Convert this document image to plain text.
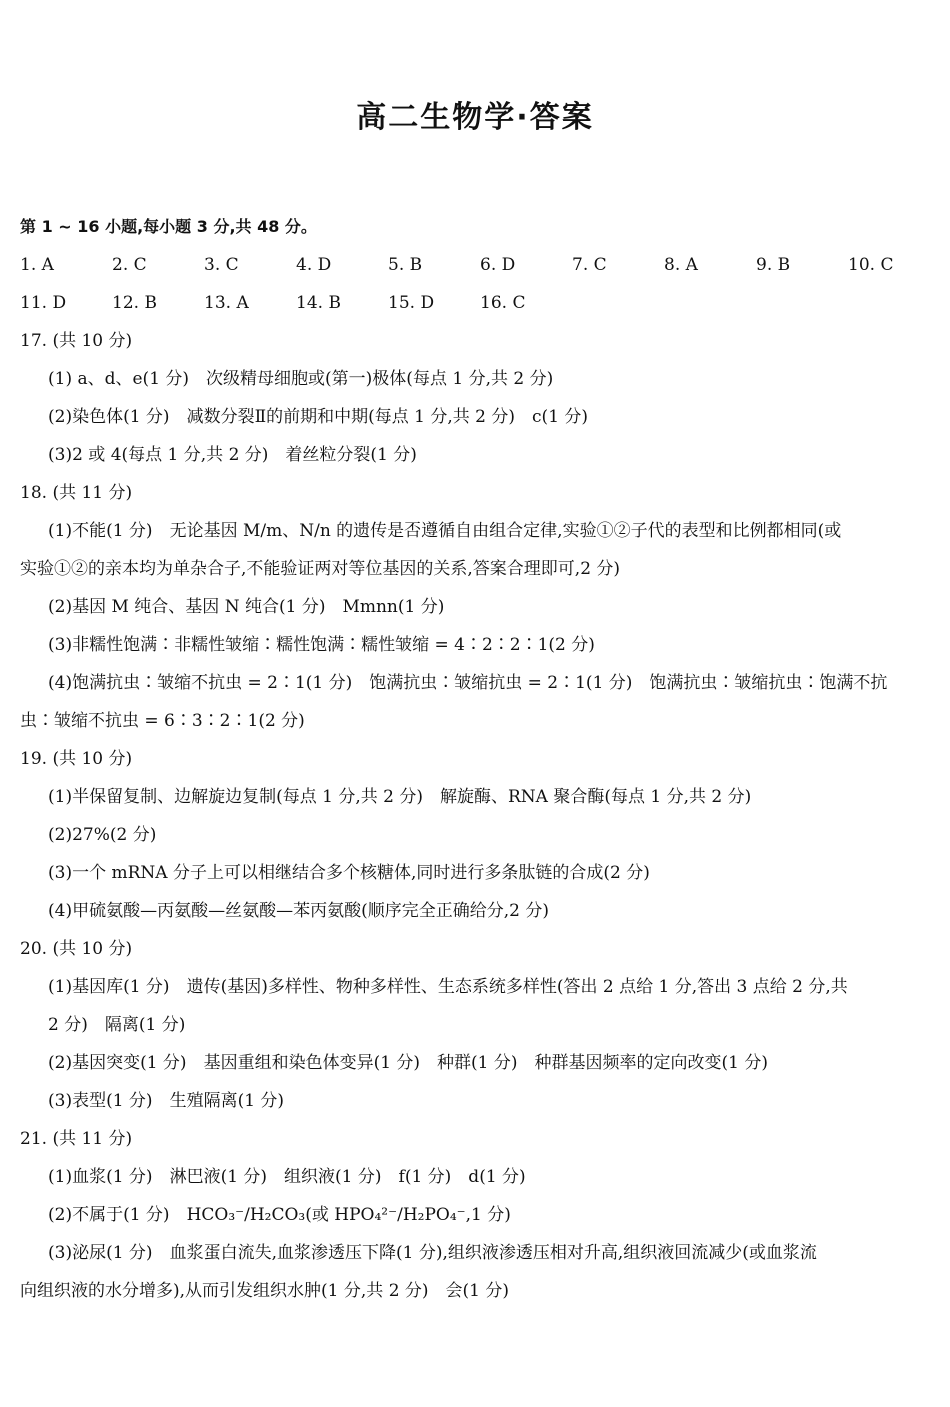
高二生物学·答案
第 1 ~ 16 小题,每小题 3 分,共 48 分。
1. A	2. C	3. C	4. D	5. B	6. D	7. C	8. A	9. B	10. C
11. D	12. B	13. A	14. B	15. D	16. C
17. (共 10 分)
(1) a、d、e(1 分)　次级精母细胞或(第一)极体(每点 1 分,共 2 分)
(2)染色体(1 分)　减数分裂Ⅱ的前期和中期(每点 1 分,共 2 分)　c(1 分)
(3)2 或 4(每点 1 分,共 2 分)　着丝粒分裂(1 分)
18. (共 11 分)
(1)不能(1 分)　无论基因 M/m、N/n 的遗传是否遵循自由组合定律,实验①②子代的表型和比例都相同(或
实验①②的亲本均为单杂合子,不能验证两对等位基因的关系,答案合理即可,2 分)
(2)基因 M 纯合、基因 N 纯合(1 分)　Mmnn(1 分)
(3)非糯性饱满∶非糯性皱缩∶糯性饱满∶糯性皱缩 = 4∶2∶2∶1(2 分)
(4)饱满抗虫∶皱缩不抗虫 = 2∶1(1 分)　饱满抗虫∶皱缩抗虫 = 2∶1(1 分)　饱满抗虫∶皱缩抗虫∶饱满不抗
虫∶皱缩不抗虫 = 6∶3∶2∶1(2 分)
19. (共 10 分)
(1)半保留复制、边解旋边复制(每点 1 分,共 2 分)　解旋酶、RNA 聚合酶(每点 1 分,共 2 分)
(2)27%(2 分)
(3)一个 mRNA 分子上可以相继结合多个核糖体,同时进行多条肽链的合成(2 分)
(4)甲硫氨酸—丙氨酸—丝氨酸—苯丙氨酸(顺序完全正确给分,2 分)
20. (共 10 分)
(1)基因库(1 分)　遗传(基因)多样性、物种多样性、生态系统多样性(答出 2 点给 1 分,答出 3 点给 2 分,共
2 分)　隔离(1 分)
(2)基因突变(1 分)　基因重组和染色体变异(1 分)　种群(1 分)　种群基因频率的定向改变(1 分)
(3)表型(1 分)　生殖隔离(1 分)
21. (共 11 分)
(1)血浆(1 分)　淋巴液(1 分)　组织液(1 分)　f(1 分)　d(1 分)
(2)不属于(1 分)　HCO₃⁻/H₂CO₃(或 HPO₄²⁻/H₂PO₄⁻,1 分)
(3)泌尿(1 分)　血浆蛋白流失,血浆渗透压下降(1 分),组织液渗透压相对升高,组织液回流减少(或血浆流
向组织液的水分增多),从而引发组织水肿(1 分,共 2 分)　会(1 分)
